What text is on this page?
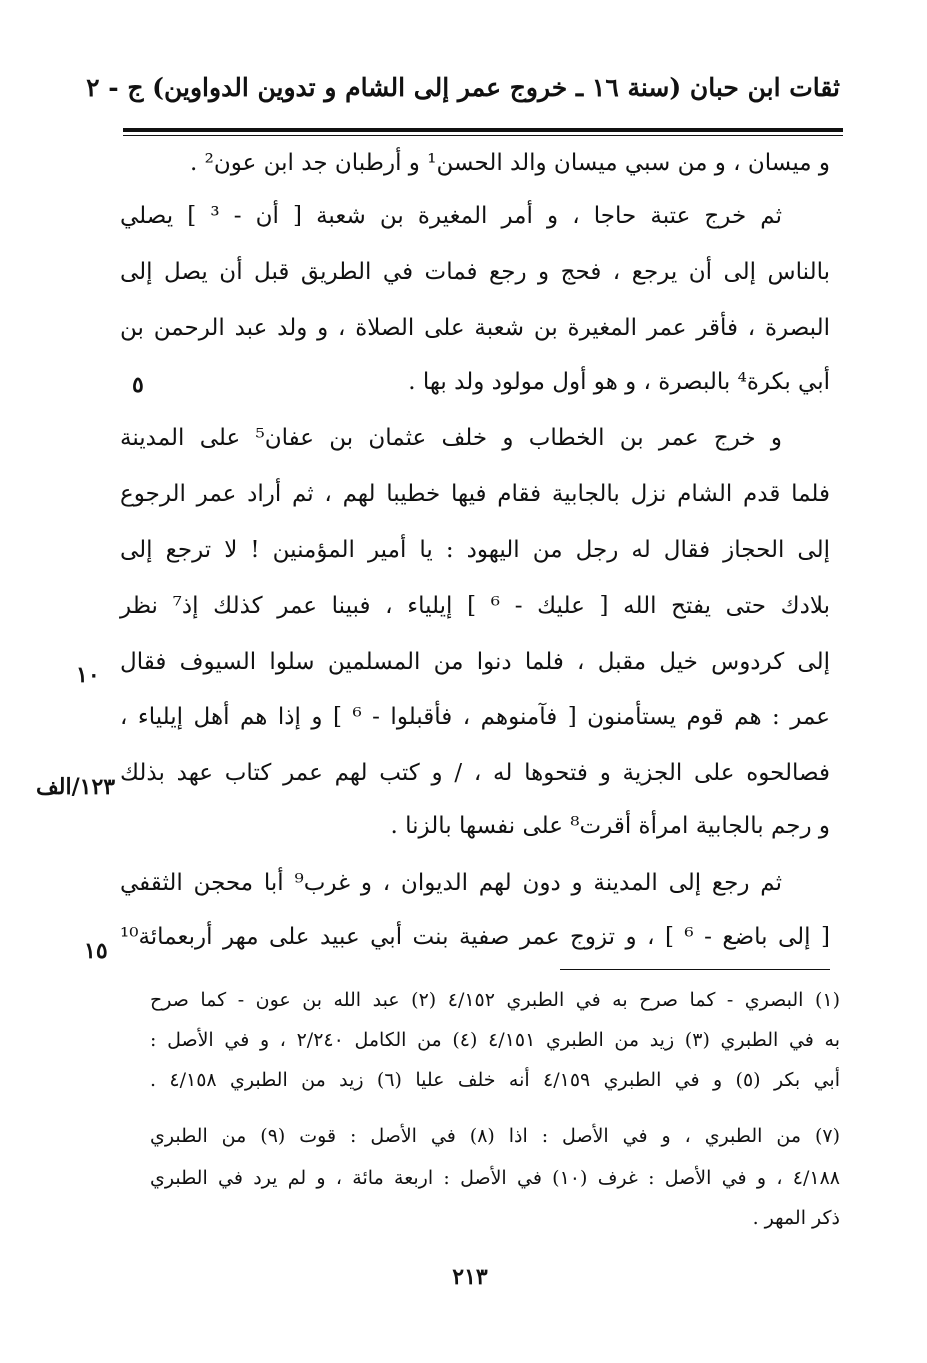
ثقات ابن حبان (سنة ١٦ ـ خروج عمر إلى الشام و تدوين الدواوين) ج - ٢
و ميسان ، و من سبي ميسان والد الحسن¹ و أرطبان جد ابن عون² .
ثم خرج عتبة حاجا ، و أمر المغيرة بن شعبة [ أن - ³ ] يصلي
بالناس إلى أن يرجع ، فحج و رجع فمات في الطريق قبل أن يصل إلى
البصرة ، فأقر عمر المغيرة بن شعبة على الصلاة ، و ولد عبد الرحمن بن
أبي بكرة⁴ بالبصرة ، و هو أول مولود ولد بها .
و خرج عمر بن الخطاب و خلف عثمان بن عفان⁵ على المدينة
فلما قدم الشام نزل بالجابية فقام فيها خطيبا لهم ، ثم أراد عمر الرجوع
إلى الحجاز فقال له رجل من اليهود : يا أمير المؤمنين ! لا ترجع إلى
بلادك حتى يفتح الله [ عليك - ⁶ ] إيلياء ، فبينا عمر كذلك إذ⁷ نظر
إلى كردوس خيل مقبل ، فلما دنوا من المسلمين سلوا السيوف فقال
عمر : هم قوم يستأمنون [ فآمنوهم ، فأقبلوا - ⁶ ] و إذا هم أهل إيلياء ،
فصالحوه على الجزية و فتحوها له ، / و كتب لهم عمر كتاب عهد بذلك
و رجم بالجابية امرأة أقرت⁸ على نفسها بالزنا .
ثم رجع إلى المدينة و دون لهم الديوان ، و غرب⁹ أبا محجن الثقفي
[ إلى باضع - ⁶ ] ، و تزوج عمر صفية بنت أبي عبيد على مهر أربعمائة¹⁰
٥
١٠
١٢٣/الف
١٥
(١) البصري - كما صرح به في الطبري ٤/١٥٢ (٢) عبد الله بن عون - كما صرح
به في الطبري (٣) زيد من الطبري ٤/١٥١ (٤) من الكامل ٢/٢٤٠ ، و في الأصل :
أبي بكر (٥) و في الطبري ٤/١٥٩ أنه خلف عليا (٦) زيد من الطبري ٤/١٥٨ .
(٧) من الطبري ، و في الأصل : اذا (٨) في الأصل : قوت (٩) من الطبري
٤/١٨٨ ، و في الأصل : غرف (١٠) في الأصل : اربعة مائة ، و لم يرد في الطبري
ذكر المهر .
٢١٣
